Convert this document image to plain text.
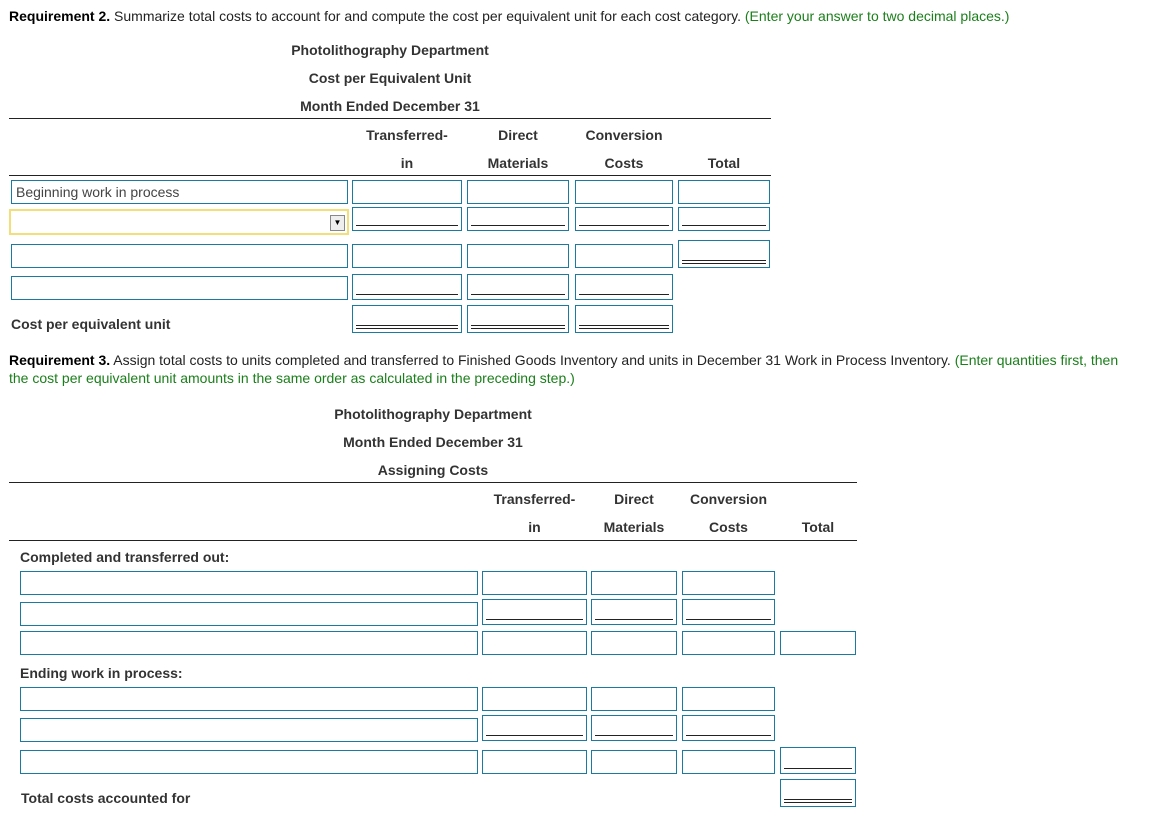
Requirement 2. Summarize total costs to account for and compute the cost per equivalent unit for each cost category. (Enter your answer to two decimal places.)
Photolithography Department
Cost per Equivalent Unit
Month Ended December 31
Transferred-
in
Direct
Materials
Conversion
Costs	Total
Beginning work in process
▼
Cost per equivalent unit
Requirement 3. Assign total costs to units completed and transferred to Finished Goods Inventory and units in December 31 Work in Process Inventory. (Enter quantities first, then
the cost per equivalent unit amounts in the same order as calculated in the preceding step.)
Photolithography Department
Month Ended December 31
Assigning Costs
Transferred-
in
Direct
Materials
Conversion
Costs	Total
Completed and transferred out:
Ending work in process:
Total costs accounted for
